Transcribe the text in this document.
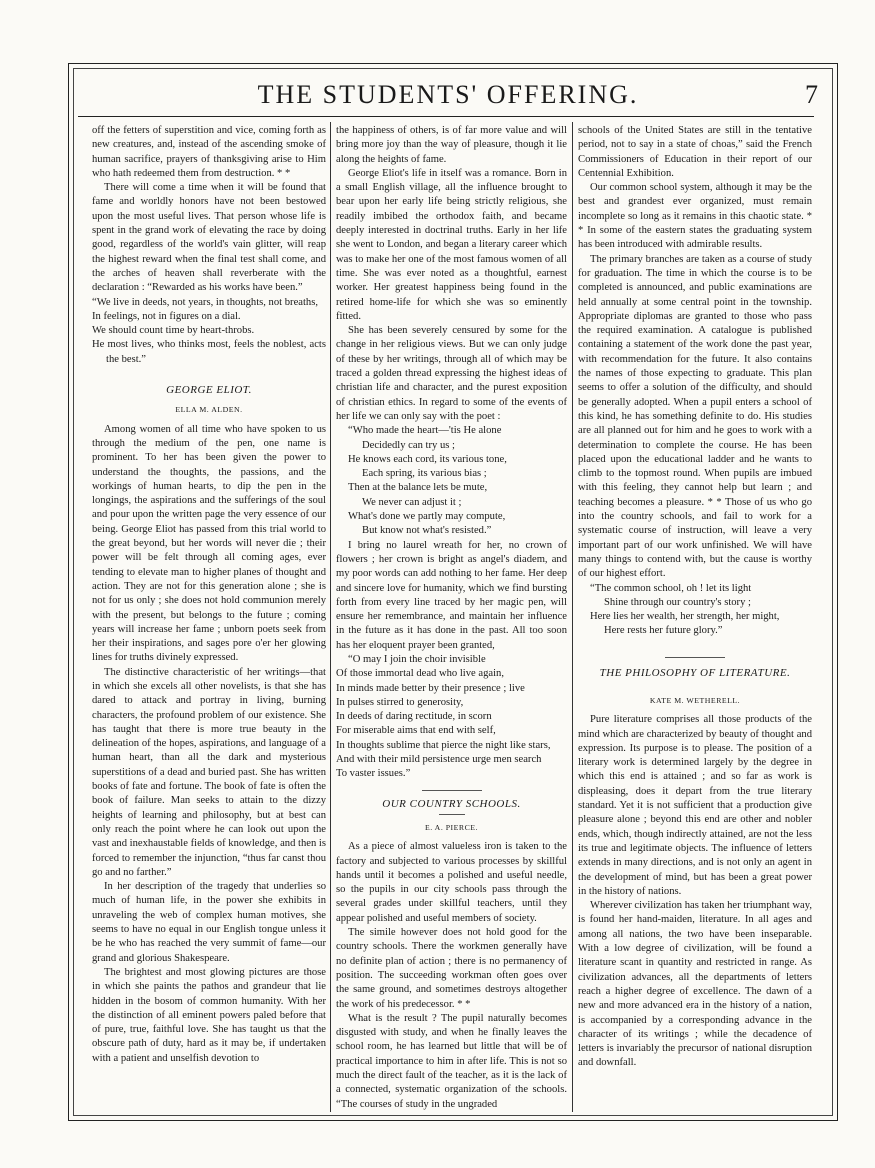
THE STUDENTS' OFFERING.	7

off the fetters of superstition and vice, coming forth as new creatures, and, instead of the ascending smoke of human sacrifice, prayers of thanksgiving arise to Him who hath redeemed them from destruction. * *

There will come a time when it will be found that fame and worldly honors have not been bestowed upon the most useful lives. That person whose life is spent in the grand work of elevating the race by doing good, regardless of the world's vain glitter, will reap the highest reward when the final test shall come, and the arches of heaven shall reverberate with the declaration : “Rewarded as his works have been.”

“We live in deeds, not years, in thoughts, not breaths,

In feelings, not in figures on a dial.

We should count time by heart-throbs.

He most lives, who thinks most, feels the noblest, acts the best.”

GEORGE ELIOT.
ELLA M. ALDEN.

Among women of all time who have spoken to us through the medium of the pen, one name is prominent. To her has been given the power to understand the thoughts, the passions, and the workings of human hearts, to dip the pen in the longings, the aspirations and the sufferings of the soul and pour upon the written page the very essence of our being. George Eliot has passed from this trial world to the great beyond, but her words will never die ; their power will be felt through all coming ages, ever tending to elevate man to higher planes of thought and action. They are not for this generation alone ; she is not for us only ; she does not hold communion merely with the present, but belongs to the future ; coming years will increase her fame ; unborn poets seek from her their inspirations, and sages pore o'er her glowing lines for truths divinely expressed.

The distinctive characteristic of her writings—that in which she excels all other novelists, is that she has dared to attack and portray in living, burning characters, the profound problem of our existence. She has taught that there is more true beauty in the delineation of the hopes, aspirations, and language of a human heart, than all the dark and mysterious superstitions of a dead and buried past. She has written books of fate and fortune. The book of fate is often the book of failure. Man seeks to attain to the dizzy heights of learning and philosophy, but at best can only reach the point where he can look out upon the vast and inexhaustable fields of knowledge, and then is forced to remember the injunction, “thus far canst thou go and no farther.”

In her description of the tragedy that underlies so much of human life, in the power she exhibits in unraveling the web of complex human motives, she seems to have no equal in our English tongue unless it be he who has reached the very summit of fame—our grand and glorious Shakespeare.

The brightest and most glowing pictures are those in which she paints the pathos and grandeur that lie hidden in the bosom of common humanity. With her the distinction of all eminent powers paled before that of pure, true, faithful love. She has taught us that the obscure path of duty, hard as it may be, if undertaken with a patient and unselfish devotion to

the happiness of others, is of far more value and will bring more joy than the way of pleasure, though it lie along the heights of fame.

George Eliot's life in itself was a romance. Born in a small English village, all the influence brought to bear upon her early life being strictly religious, she readily imbibed the orthodox faith, and became deeply interested in doctrinal truths. Early in her life she went to London, and began a literary career which was to make her one of the most famous women of all time. She was ever noted as a thoughtful, earnest worker. Her greatest happiness being found in the retired home-life for which she was so eminently fitted.

She has been severely censured by some for the change in her religious views. But we can only judge of these by her writings, through all of which may be traced a golden thread expressing the highest ideas of christian life and character, and the purest exposition of christian ethics. In regard to some of the events of her life we can only say with the poet :

“Who made the heart—'tis He alone

Decidedly can try us ;

He knows each cord, its various tone,

Each spring, its various bias ;

Then at the balance lets be mute,

We never can adjust it ;

What's done we partly may compute,

But know not what's resisted.”

I bring no laurel wreath for her, no crown of flowers ; her crown is bright as angel's diadem, and my poor words can add nothing to her fame. Her deep and sincere love for humanity, which we find bursting forth from every line traced by her magic pen, will ensure her remembrance, and maintain her influence in the future as it has done in the past. All too soon has her eloquent prayer been granted,

“O may I join the choir invisible

Of those immortal dead who live again,

In minds made better by their presence ; live

In pulses stirred to generosity,

In deeds of daring rectitude, in scorn

For miserable aims that end with self,

In thoughts sublime that pierce the night like stars,

And with their mild persistence urge men search

To vaster issues.”

OUR COUNTRY SCHOOLS.
E. A. PIERCE.

As a piece of almost valueless iron is taken to the factory and subjected to various processes by skillful hands until it becomes a polished and useful needle, so the pupils in our city schools pass through the several grades under skillful teachers, until they appear polished and useful members of society.

The simile however does not hold good for the country schools. There the workmen generally have no definite plan of action ; there is no permanency of position. The succeeding workman often goes over the same ground, and sometimes destroys altogether the work of his predecessor. * *

What is the result ? The pupil naturally becomes disgusted with study, and when he finally leaves the school room, he has learned but little that will be of practical importance to him in after life. This is not so much the direct fault of the teacher, as it is the lack of a connected, systematic organization of the schools. “The courses of study in the ungraded

schools of the United States are still in the tentative period, not to say in a state of choas,” said the French Commissioners of Education in their report of our Centennial Exhibition.

Our common school system, although it may be the best and grandest ever organized, must remain incomplete so long as it remains in this chaotic state. * * In some of the eastern states the graduating system has been introduced with admirable results.

The primary branches are taken as a course of study for graduation. The time in which the course is to be completed is announced, and public examinations are held annually at some central point in the township. Appropriate diplomas are granted to those who pass the required examination. A catalogue is published containing a statement of the work done the past year, with recommendation for the future. It also contains the names of those expecting to graduate. This plan seems to offer a solution of the difficulty, and should be generally adopted. When a pupil enters a school of this kind, he has something definite to do. His studies are all planned out for him and he goes to work with a determination to complete the course. He has been placed upon the educational ladder and he wants to climb to the topmost round. When pupils are imbued with this feeling, they cannot help but learn ; and teaching becomes a pleasure. * * Those of us who go into the country schools, and fail to work for a systematic course of instruction, will leave a very important part of our work unfinished. We will have many things to contend with, but the cause is worthy of our highest effort.

“The common school, oh ! let its light

Shine through our country's story ;

Here lies her wealth, her strength, her might,

Here rests her future glory.”

THE PHILOSOPHY OF LITERATURE.
KATE M. WETHERELL.

Pure literature comprises all those products of the mind which are characterized by beauty of thought and expression. Its purpose is to please. The position of a literary work is determined largely by the degree in which this end is attained ; and so far as work is displeasing, does it depart from the true literary standard. Yet it is not sufficient that a production give pleasure alone ; beyond this end are other and nobler ends, which, though indirectly attained, are not the less its true and legitimate objects. The influence of letters extends in many directions, and is not only an agent in the development of mind, but has been a great power in the history of nations.

Wherever civilization has taken her triumphant way, is found her hand-maiden, literature. In all ages and among all nations, the two have been inseparable. With a low degree of civilization, will be found a literature scant in quantity and restricted in range. As civilization advances, all the departments of letters reach a higher degree of excellence. The dawn of a new and more advanced era in the history of a nation, is accompanied by a corresponding advance in the character of its writings ; while the decadence of letters is invariably the precursor of national disruption and downfall.
